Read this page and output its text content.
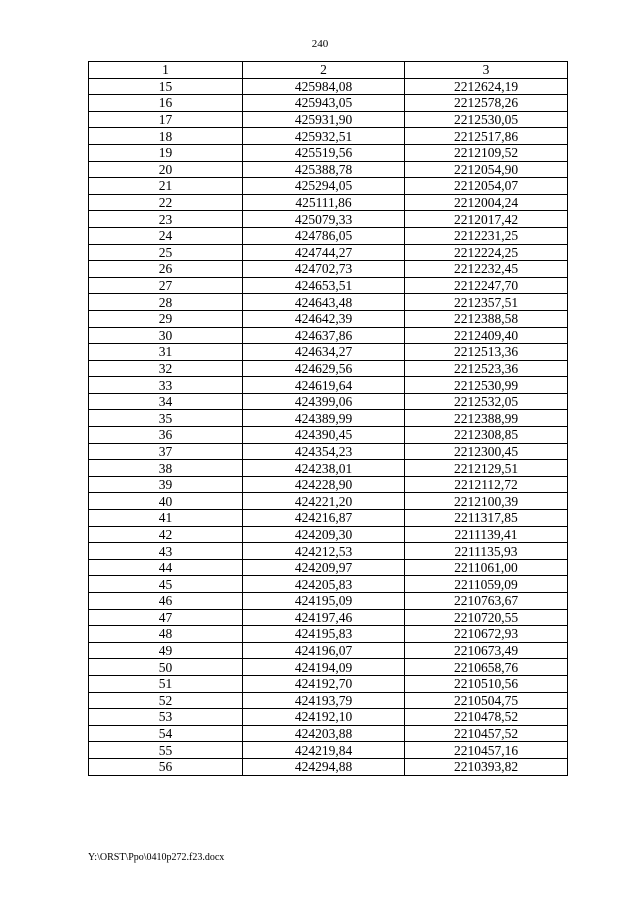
240
1	2	3
15	425984,08	2212624,19
16	425943,05	2212578,26
17	425931,90	2212530,05
18	425932,51	2212517,86
19	425519,56	2212109,52
20	425388,78	2212054,90
21	425294,05	2212054,07
22	425111,86	2212004,24
23	425079,33	2212017,42
24	424786,05	2212231,25
25	424744,27	2212224,25
26	424702,73	2212232,45
27	424653,51	2212247,70
28	424643,48	2212357,51
29	424642,39	2212388,58
30	424637,86	2212409,40
31	424634,27	2212513,36
32	424629,56	2212523,36
33	424619,64	2212530,99
34	424399,06	2212532,05
35	424389,99	2212388,99
36	424390,45	2212308,85
37	424354,23	2212300,45
38	424238,01	2212129,51
39	424228,90	2212112,72
40	424221,20	2212100,39
41	424216,87	2211317,85
42	424209,30	2211139,41
43	424212,53	2211135,93
44	424209,97	2211061,00
45	424205,83	2211059,09
46	424195,09	2210763,67
47	424197,46	2210720,55
48	424195,83	2210672,93
49	424196,07	2210673,49
50	424194,09	2210658,76
51	424192,70	2210510,56
52	424193,79	2210504,75
53	424192,10	2210478,52
54	424203,88	2210457,52
55	424219,84	2210457,16
56	424294,88	2210393,82
Y:\ORST\Ppo\0410p272.f23.docx
